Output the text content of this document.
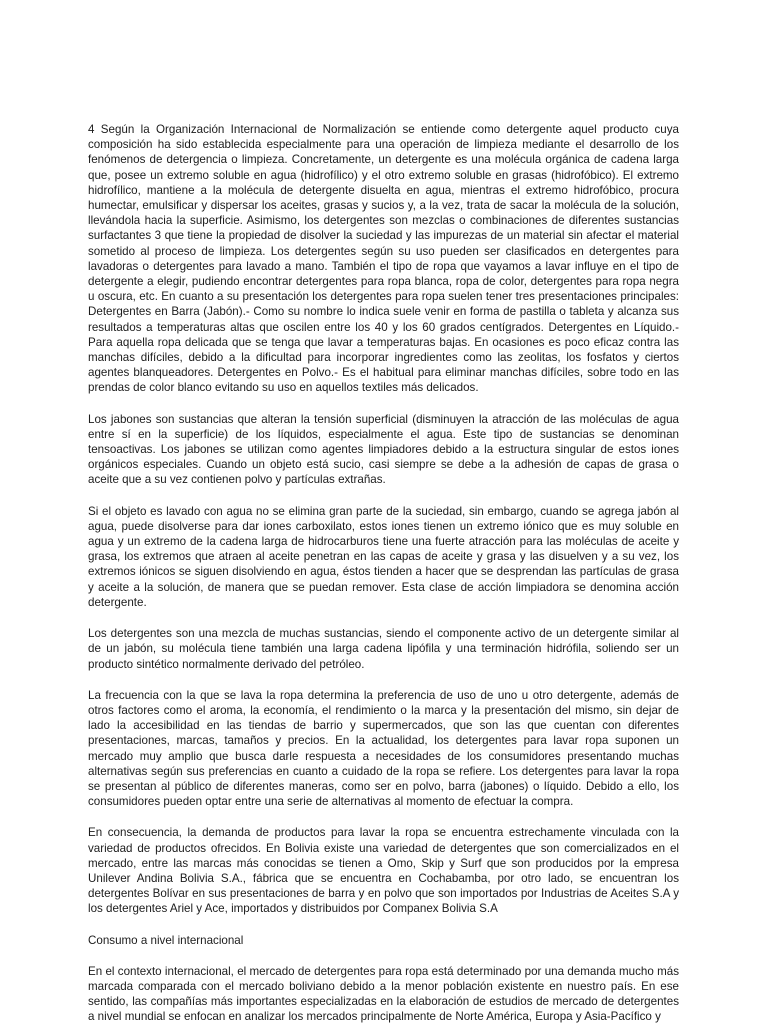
4 Según la Organización Internacional de Normalización se entiende como detergente aquel producto cuya composición ha sido establecida especialmente para una operación de limpieza mediante el desarrollo de los fenómenos de detergencia o limpieza. Concretamente, un detergente es una molécula orgánica de cadena larga que, posee un extremo soluble en agua (hidrofílico) y el otro extremo soluble en grasas (hidrofóbico). El extremo hidrofílico, mantiene a la molécula de detergente disuelta en agua, mientras el extremo hidrofóbico, procura humectar, emulsificar y dispersar los aceites, grasas y sucios y, a la vez, trata de sacar la molécula de la solución, llevándola hacia la superficie. Asimismo, los detergentes son mezclas o combinaciones de diferentes sustancias surfactantes 3 que tiene la propiedad de disolver la suciedad y las impurezas de un material sin afectar el material sometido al proceso de limpieza. Los detergentes según su uso pueden ser clasificados en detergentes para lavadoras o detergentes para lavado a mano. También el tipo de ropa que vayamos a lavar influye en el tipo de detergente a elegir, pudiendo encontrar detergentes para ropa blanca, ropa de color, detergentes para ropa negra u oscura, etc. En cuanto a su presentación los detergentes para ropa suelen tener tres presentaciones principales: Detergentes en Barra (Jabón).- Como su nombre lo indica suele venir en forma de pastilla o tableta y alcanza sus resultados a temperaturas altas que oscilen entre los 40 y los 60 grados centígrados. Detergentes en Líquido.- Para aquella ropa delicada que se tenga que lavar a temperaturas bajas. En ocasiones es poco eficaz contra las manchas difíciles, debido a la dificultad para incorporar ingredientes como las zeolitas, los fosfatos y ciertos agentes blanqueadores. Detergentes en Polvo.- Es el habitual para eliminar manchas difíciles, sobre todo en las prendas de color blanco evitando su uso en aquellos textiles más delicados.

Los jabones son sustancias que alteran la tensión superficial (disminuyen la atracción de las moléculas de agua entre sí en la superficie) de los líquidos, especialmente el agua. Este tipo de sustancias se denominan tensoactivas. Los jabones se utilizan como agentes limpiadores debido a la estructura singular de estos iones orgánicos especiales. Cuando un objeto está sucio, casi siempre se debe a la adhesión de capas de grasa o aceite que a su vez contienen polvo y partículas extrañas.

Si el objeto es lavado con agua no se elimina gran parte de la suciedad, sin embargo, cuando se agrega jabón al agua, puede disolverse para dar iones carboxilato, estos iones tienen un extremo iónico que es muy soluble en agua y un extremo de la cadena larga de hidrocarburos tiene una fuerte atracción para las moléculas de aceite y grasa, los extremos que atraen al aceite penetran en las capas de aceite y grasa y las disuelven y a su vez, los extremos iónicos se siguen disolviendo en agua, éstos tienden a hacer que se desprendan las partículas de grasa y aceite a la solución, de manera que se puedan remover. Esta clase de acción limpiadora se denomina acción detergente.

Los detergentes son una mezcla de muchas sustancias, siendo el componente activo de un detergente similar al de un jabón, su molécula tiene también una larga cadena lipófila y una terminación hidrófila, soliendo ser un producto sintético normalmente derivado del petróleo.

La frecuencia con la que se lava la ropa determina la preferencia de uso de uno u otro detergente, además de otros factores como el aroma, la economía, el rendimiento o la marca y la presentación del mismo, sin dejar de lado la accesibilidad en las tiendas de barrio y supermercados, que son las que cuentan con diferentes presentaciones, marcas, tamaños y precios. En la actualidad, los detergentes para lavar ropa suponen un mercado muy amplio que busca darle respuesta a necesidades de los consumidores presentando muchas alternativas según sus preferencias en cuanto a cuidado de la ropa se refiere. Los detergentes para lavar la ropa se presentan al público de diferentes maneras, como ser en polvo, barra (jabones) o líquido. Debido a ello, los consumidores pueden optar entre una serie de alternativas al momento de efectuar la compra.

En consecuencia, la demanda de productos para lavar la ropa se encuentra estrechamente vinculada con la variedad de productos ofrecidos. En Bolivia existe una variedad de detergentes que son comercializados en el mercado, entre las marcas más conocidas se tienen a Omo, Skip y Surf que son producidos por la empresa Unilever Andina Bolivia S.A., fábrica que se encuentra en Cochabamba, por otro lado, se encuentran los detergentes Bolívar en sus presentaciones de barra y en polvo que son importados por Industrias de Aceites S.A y los detergentes Ariel y Ace, importados y distribuidos por Companex Bolivia S.A

Consumo a nivel internacional

En el contexto internacional, el mercado de detergentes para ropa está determinado por una demanda mucho más marcada comparada con el mercado boliviano debido a la menor población existente en nuestro país. En ese sentido, las compañías más importantes especializadas en la elaboración de estudios de mercado de detergentes a nivel mundial se enfocan en analizar los mercados principalmente de Norte América, Europa y Asia-Pacífico y
